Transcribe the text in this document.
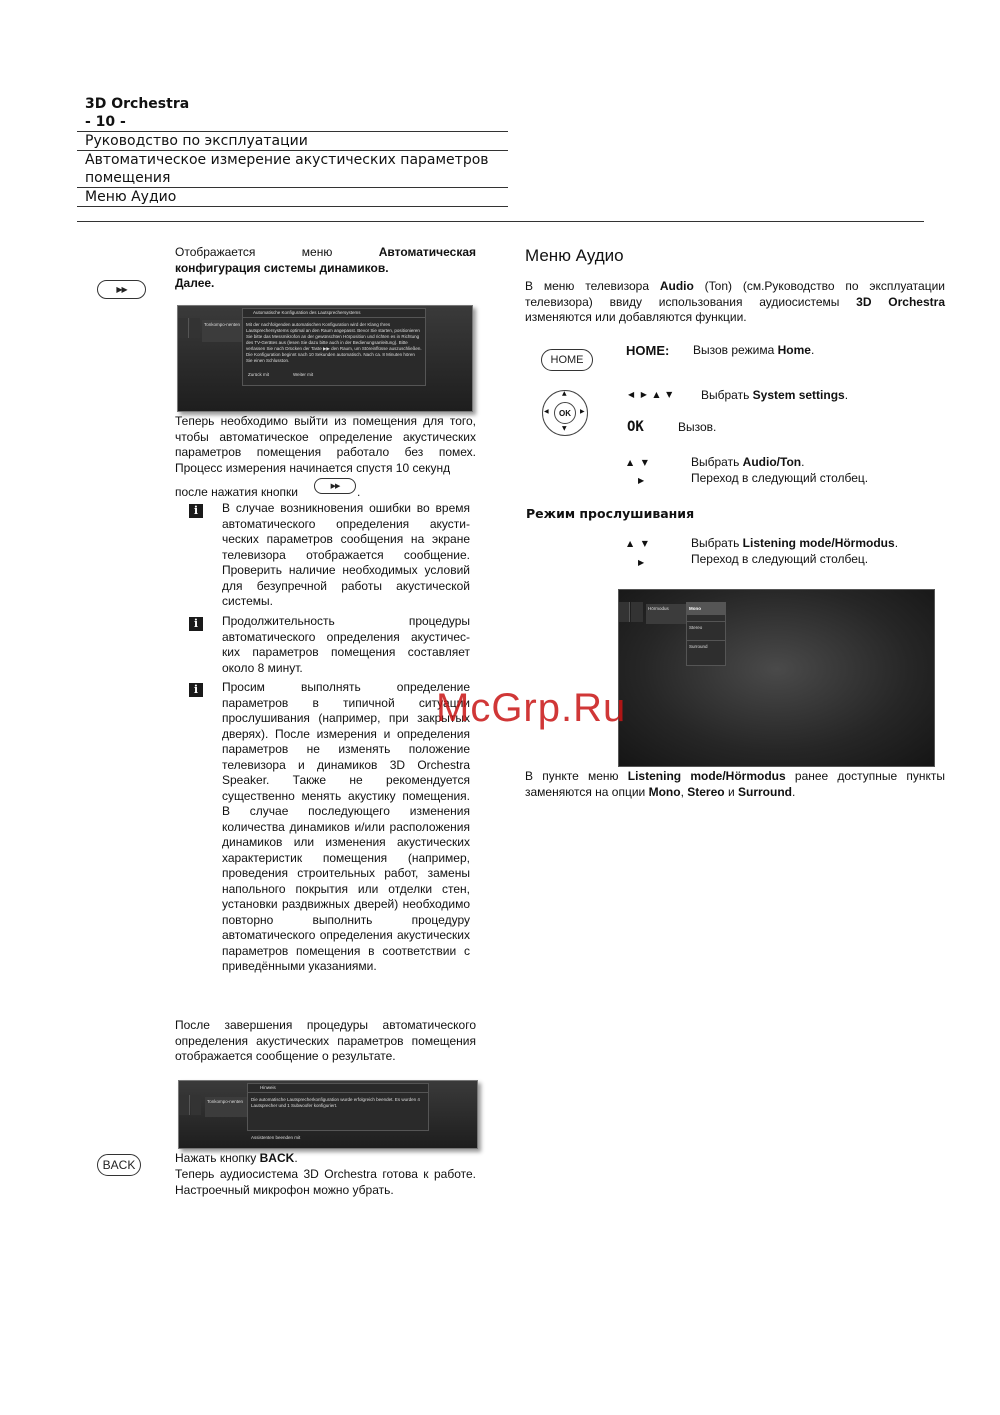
3D Orchestra
- 10 -
Руководство по эксплуатации
Автоматическое измерение акустических параметров помещения
Меню Аудио
▶▶
Отображается меню Автоматическая конфигурация системы динамиков.
Далее.
Tonkompo-nenten
Automatische Konfiguration des Lautsprechersystems
Mit der nachfolgenden automatischen Konfiguration wird der Klang Ihres Lautsprechersystems optimal an den Raum angepasst. Bevor Sie starten, positionieren Sie bitte das Messmikrofon an der gewünschten Hörposition und richten es in Richtung des TV-Gerätes aus (lesen Sie dazu bitte auch in der Bedienungsanleitung). Bitte verlassen Sie nach Drücken der Taste ▶▶ den Raum, um Störeinflüsse auszuschließen. Die Konfiguration beginnt nach 10 Sekunden automatisch. Nach ca. 8 Minuten hören Sie einen Schlusston.
Zurück mit	Weiter mit
Теперь необходимо выйти из помещения для того, чтобы автоматическое определение акустических параметров помещения работало без помех. Процесс измерения начинается спустя 10 секунд
после нажатия кнопки	▶▶ .
i	В случае возникновения ошибки во время автоматического определения акусти-ческих параметров сообщения на экране телевизора отображается сообщение. Проверить наличие необходимых условий для безупречной работы акустической системы.
i	Продолжительность процедуры автоматического определения акустичес-ких параметров помещения составляет около 8 минут.
i	Просим выполнять определение параметров в типичной ситуации прослушивания (например, при закрытых дверях). После измерения и определения параметров не изменять положение телевизора и динамиков 3D Orchestra Speaker. Также не рекомендуется существенно менять акустику помещения. В случае последующего изменения количества динамиков и/или расположения динамиков или изменения акустических характеристик помещения (например, проведения строительных работ, замены напольного покрытия или отделки стен, установки раздвижных дверей) необходимо повторно выполнить процедуру автоматического определения акустических параметров помещения в соответствии с приведёнными указаниями.
После завершения процедуры автоматического определения акустических параметров помещения отображается сообщение о результате.
Tonkompo-nenten
Hinweis
Die automatische Lautsprecherkonfiguration wurde erfolgreich beendet. Es wurden 4 Lautsprecher und 1 Subwoofer konfiguriert.
Assistenten beenden mit
BACK	Нажать кнопку BACK.
Теперь аудиосистема 3D Orchestra готова к работе. Настроечный микрофон можно убрать.
Меню Аудио
В меню телевизора Audio (Ton) (см.Руководство по эксплуатации телевизора) ввиду использования аудиосистемы 3D Orchestra изменяются или добавляются функции.
HOME
HOME: Вызов режима Home.
OK
▲
▼
◀	▶
◀ ▶ ▲ ▼ Выбрать System settings.
OK	Вызов.
▲ ▼	Выбрать Audio/Ton.
▶	Переход в следующий столбец.
Режим прослушивания
▲ ▼	Выбрать Listening mode/Hörmodus.
▶	Переход в следующий столбец.
Hörmodus	Mono
Stereo
Surround
В пункте меню Listening mode/Hörmodus ранее доступные пункты заменяются на опции Mono, Stereo и Surround.
McGrp.Ru
